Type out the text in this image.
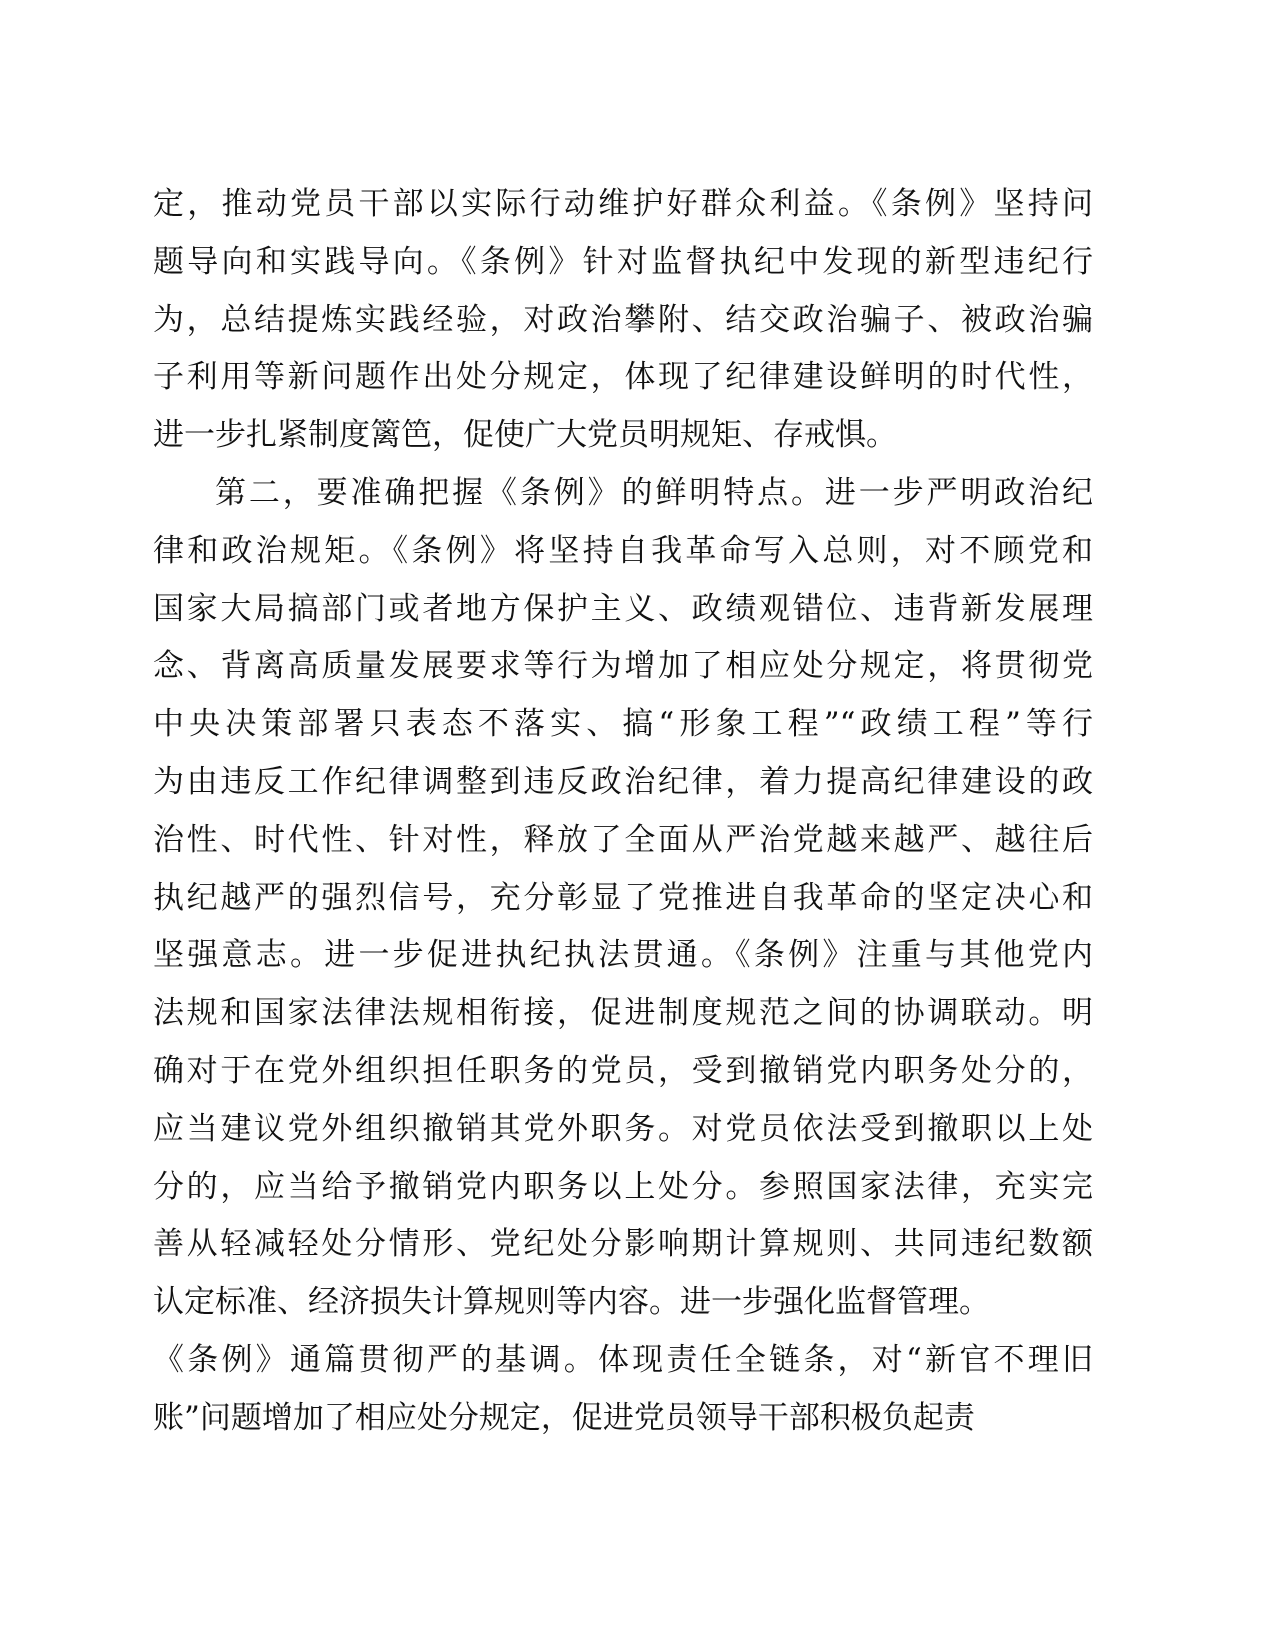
定，推动党员干部以实际行动维护好群众利益。《条例》坚持问
题导向和实践导向。《条例》针对监督执纪中发现的新型违纪行
为，总结提炼实践经验，对政治攀附、结交政治骗子、被政治骗
子利用等新问题作出处分规定，体现了纪律建设鲜明的时代性，
进一步扎紧制度篱笆，促使广大党员明规矩、存戒惧。
第二，要准确把握《条例》的鲜明特点。进一步严明政治纪
律和政治规矩。《条例》将坚持自我革命写入总则，对不顾党和
国家大局搞部门或者地方保护主义、政绩观错位、违背新发展理
念、背离高质量发展要求等行为增加了相应处分规定，将贯彻党
中央决策部署只表态不落实、搞“形象工程”“政绩工程”等行
为由违反工作纪律调整到违反政治纪律，着力提高纪律建设的政
治性、时代性、针对性，释放了全面从严治党越来越严、越往后
执纪越严的强烈信号，充分彰显了党推进自我革命的坚定决心和
坚强意志。进一步促进执纪执法贯通。《条例》注重与其他党内
法规和国家法律法规相衔接，促进制度规范之间的协调联动。明
确对于在党外组织担任职务的党员，受到撤销党内职务处分的，
应当建议党外组织撤销其党外职务。对党员依法受到撤职以上处
分的，应当给予撤销党内职务以上处分。参照国家法律，充实完
善从轻减轻处分情形、党纪处分影响期计算规则、共同违纪数额
认定标准、经济损失计算规则等内容。进一步强化监督管理。
《条例》通篇贯彻严的基调。体现责任全链条，对“新官不理旧
账”问题增加了相应处分规定，促进党员领导干部积极负起责
